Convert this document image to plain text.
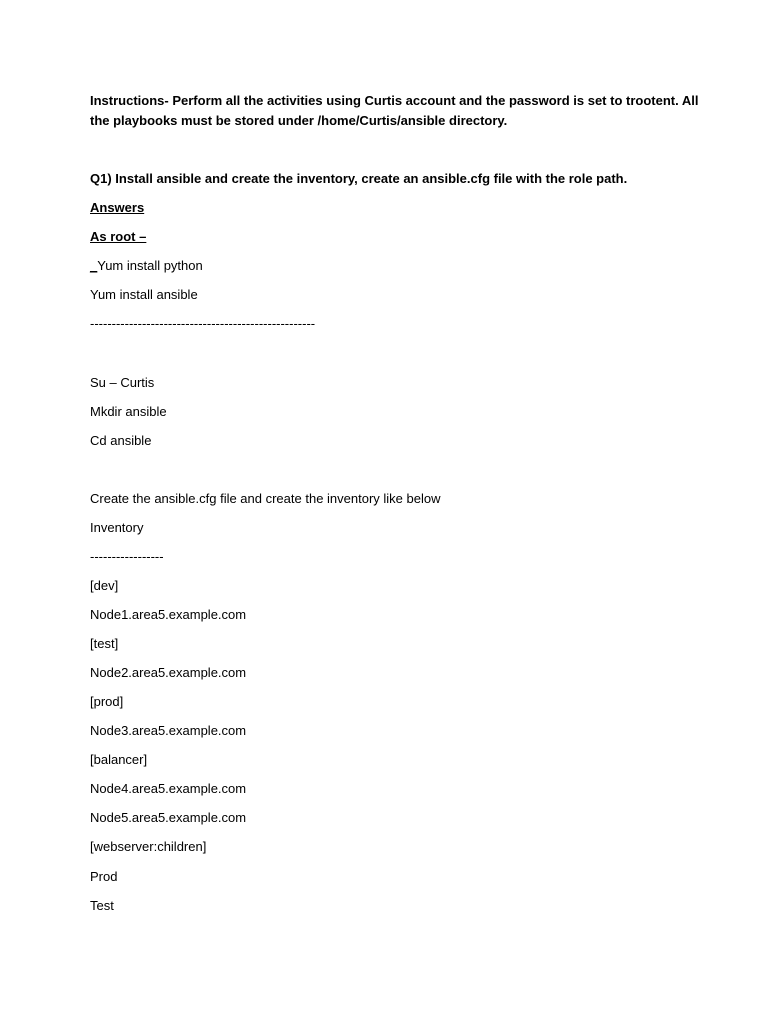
Instructions- Perform all the activities using Curtis account and the password is set to trootent. All the playbooks must be stored under /home/Curtis/ansible directory.

Q1) Install ansible and create the inventory, create an ansible.cfg file with the role path.

Answers

As root –

_Yum install python

Yum install ansible

----------------------------------------------------

Su – Curtis

Mkdir ansible

Cd ansible

Create the ansible.cfg file and create the inventory like below

Inventory

-----------------

[dev]

Node1.area5.example.com

[test]

Node2.area5.example.com

[prod]

Node3.area5.example.com

[balancer]

Node4.area5.example.com

Node5.area5.example.com

[webserver:children]

Prod

Test
